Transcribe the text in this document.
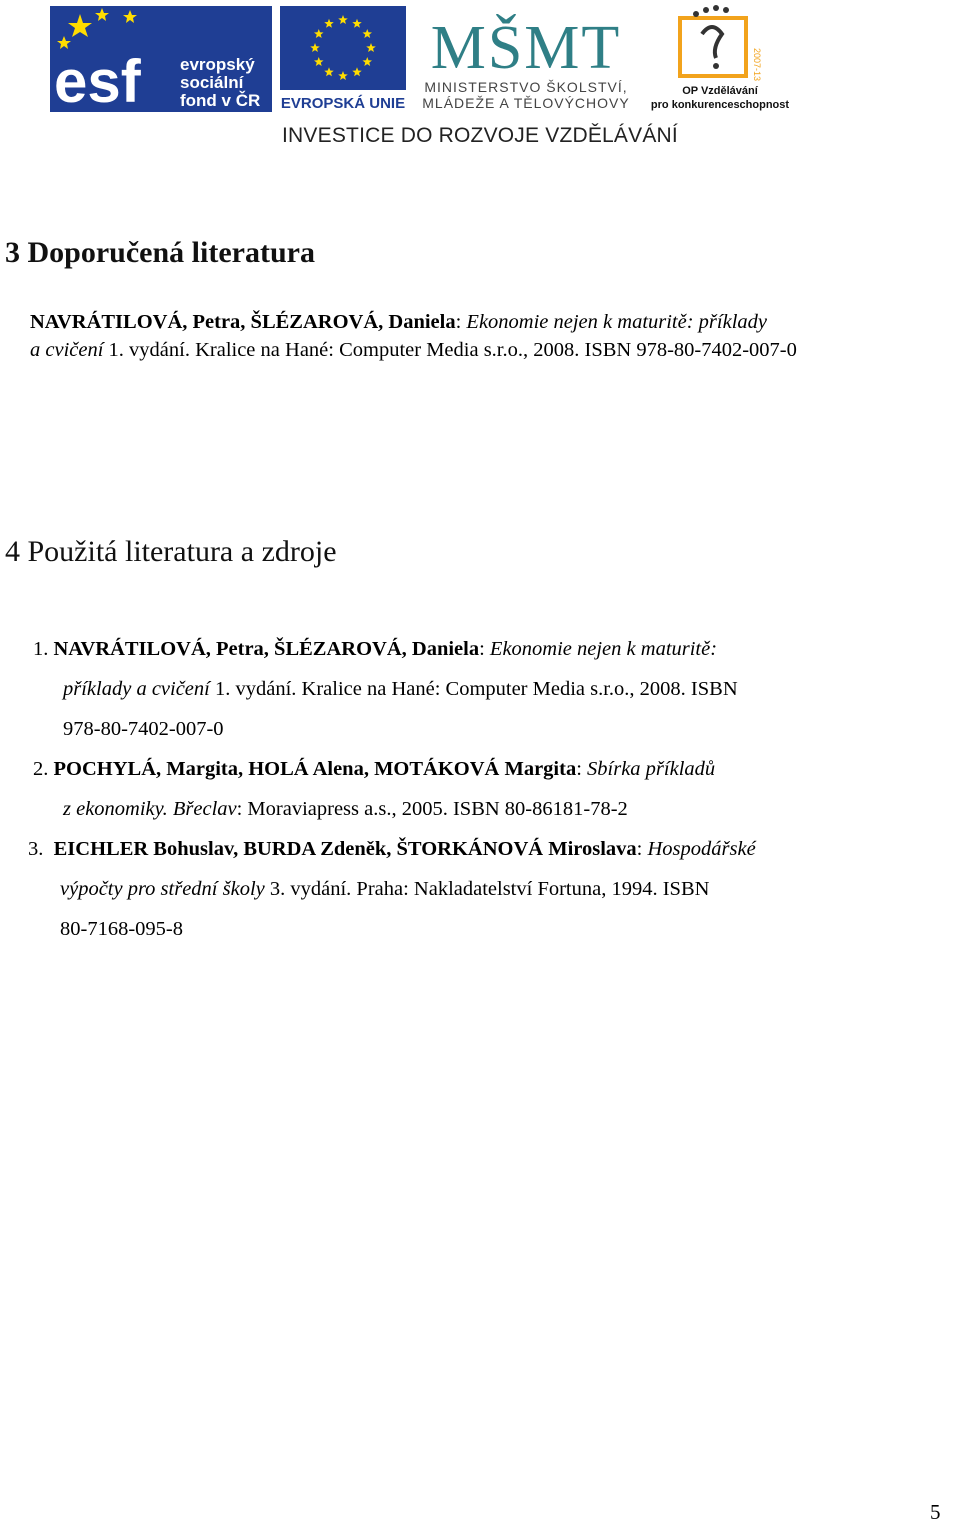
esf evropský
sociální
fond v ČR EVROPSKÁ UNIE
MŠMT
MINISTERSTVO ŠKOLSTVÍ,
MLÁDEŽE A TĚLOVÝCHOVY
2007-13
OP Vzdělávání
pro konkurenceschopnost
INVESTICE DO ROZVOJE VZDĚLÁVÁNÍ
3 Doporučená literatura
NAVRÁTILOVÁ, Petra, ŠLÉZAROVÁ, Daniela: Ekonomie nejen k maturitě: příklady
a cvičení 1. vydání. Kralice na Hané: Computer Media s.r.o., 2008. ISBN 978-80-7402-007-0
4 Použitá literatura a zdroje
1. NAVRÁTILOVÁ, Petra, ŠLÉZAROVÁ, Daniela: Ekonomie nejen k maturitě:
příklady a cvičení 1. vydání. Kralice na Hané: Computer Media s.r.o., 2008. ISBN
978-80-7402-007-0
2. POCHYLÁ, Margita, HOLÁ Alena, MOTÁKOVÁ Margita: Sbírka příkladů
z ekonomiky. Břeclav: Moraviapress a.s., 2005. ISBN 80-86181-78-2
3. EICHLER Bohuslav, BURDA Zdeněk, ŠTORKÁNOVÁ Miroslava: Hospodářské
výpočty pro střední školy 3. vydání. Praha: Nakladatelství Fortuna, 1994. ISBN
80-7168-095-8
5
